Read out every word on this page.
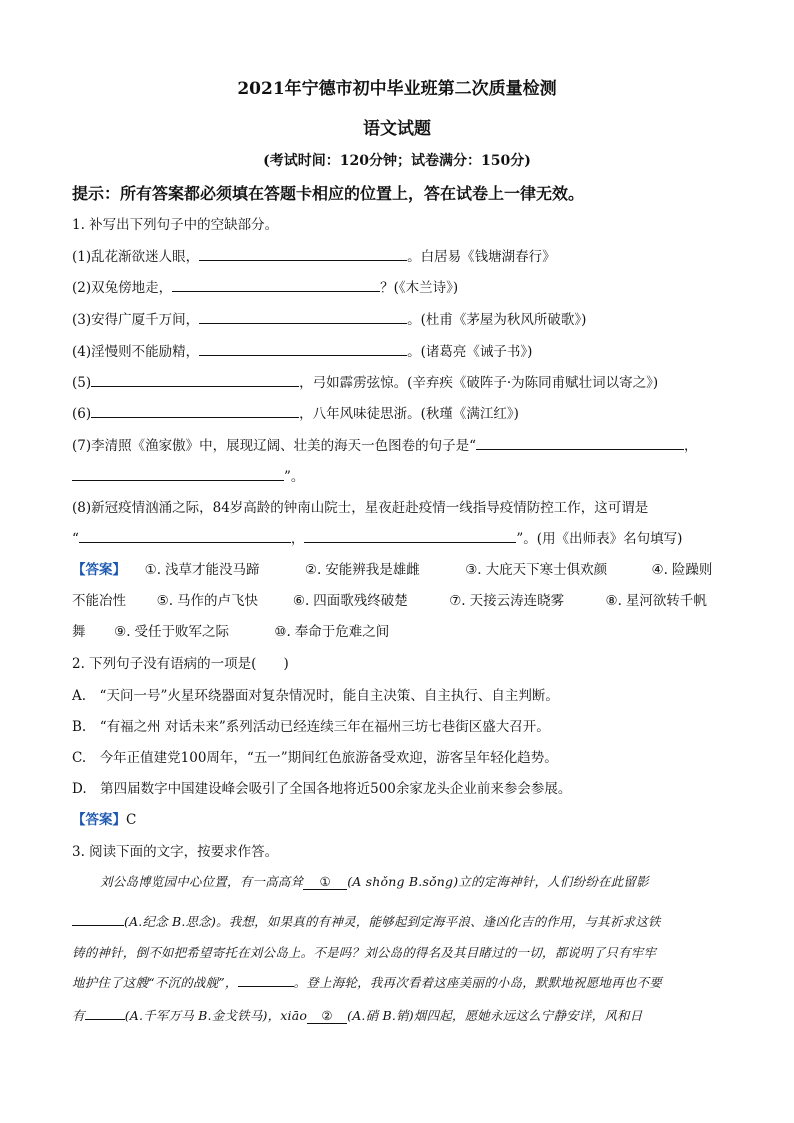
2021年宁德市初中毕业班第二次质量检测
语文试题
(考试时间：120分钟；试卷满分：150分)
提示：所有答案都必须填在答题卡相应的位置上，答在试卷上一律无效。
1. 补写出下列句子中的空缺部分。
(1)乱花渐欲迷人眼，	。白居易《钱塘湖春行》
(2)双兔傍地走，	？(《木兰诗》)
(3)安得广厦千万间，	。(杜甫《茅屋为秋风所破歌》)
(4)淫慢则不能励精，	。(诸葛亮《诫子书》)
(5)	，弓如霹雳弦惊。(辛弃疾《破阵子·为陈同甫赋壮词以寄之》)
(6)	，八年风味徒思浙。(秋瑾《满江红》)
(7)李清照《渔家傲》中，展现辽阔、壮美的海天一色图卷的句子是“	，
”。
(8)新冠疫情汹涌之际，84岁高龄的钟南山院士，星夜赶赴疫情一线指导疫情防控工作，这可谓是
“	，	”。(用《出师表》名句填写)
【答案】 ①. 浅草才能没马蹄	②. 安能辨我是雄雌	③. 大庇天下寒士俱欢颜	④. 险躁则
不能冶性 ⑤. 马作的卢飞快	⑥. 四面歌残终破楚	⑦. 天接云涛连晓雾	⑧. 星河欲转千帆
舞 ⑨. 受任于败军之际	⑩. 奉命于危难之间
2. 下列句子没有语病的一项是(　　)
A.　“天问一号”火星环绕器面对复杂情况时，能自主决策、自主执行、自主判断。
B.　“有福之州 对话未来”系列活动已经连续三年在福州三坊七巷街区盛大召开。
C.　今年正值建党100周年，“五一”期间红色旅游备受欢迎，游客呈年轻化趋势。
D.　第四届数字中国建设峰会吸引了全国各地将近500余家龙头企业前来参会参展。
【答案】C
3. 阅读下面的文字，按要求作答。
刘公岛博览园中心位置，有一高高耸 ① (A shǒng B.sǒng)立的定海神针，人们纷纷在此留影
(A.纪念 B.思念)。我想，如果真的有神灵，能够起到定海平浪、逢凶化吉的作用，与其祈求这铁
铸的神针，倒不如把希望寄托在刘公岛上。不是吗？刘公岛的得名及其目睹过的一切，都说明了只有牢牢
地护住了这艘“不沉的战舰”，	。登上海轮，我再次看着这座美丽的小岛，默默地祝愿地再也不要
有	(A.千军万马 B.金戈铁马)，xiāo ② (A.硝 B.销)烟四起，愿她永远这么宁静安详，风和日
